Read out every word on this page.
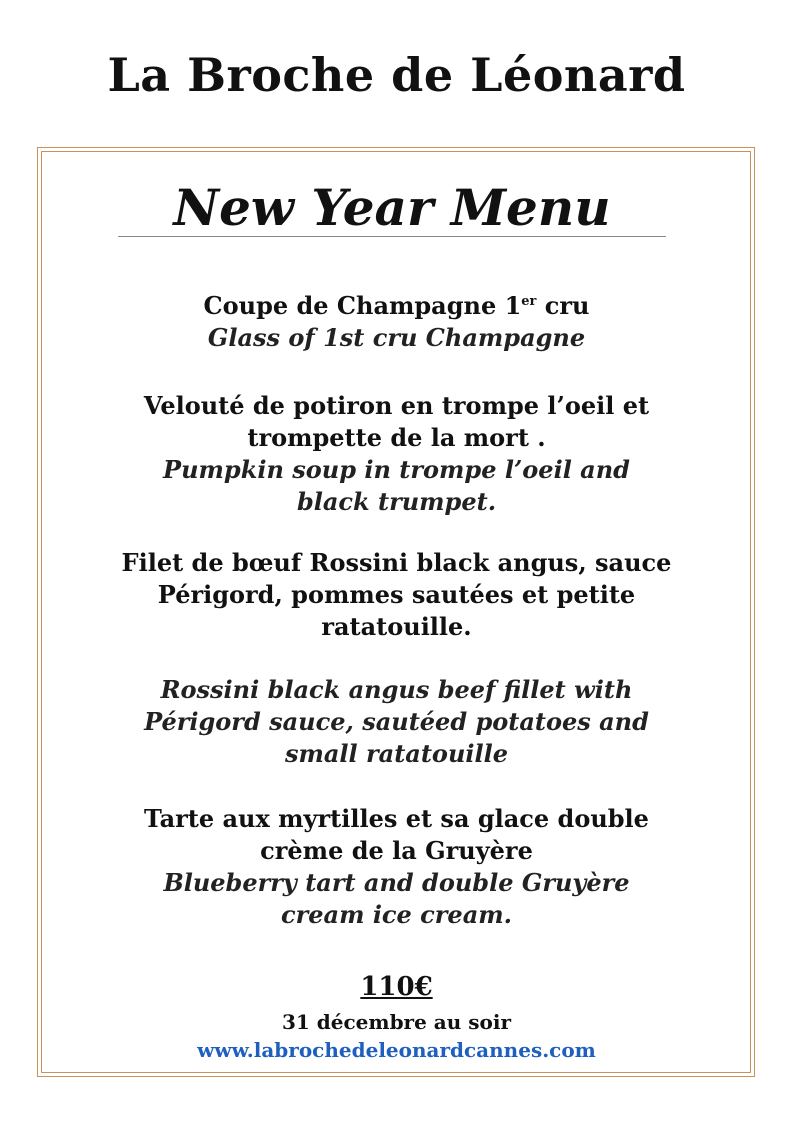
La Broche de Léonard
New Year Menu
Coupe de Champagne 1er cru
Glass of 1st cru Champagne
Velouté de potiron en trompe l’oeil et
trompette de la mort .
Pumpkin soup in trompe l’oeil and
black trumpet.
Filet de bœuf Rossini black angus, sauce
Périgord, pommes sautées et petite
ratatouille.
Rossini black angus beef fillet with
Périgord sauce, sautéed potatoes and
small ratatouille
Tarte aux myrtilles et sa glace double
crème de la Gruyère
Blueberry tart and double Gruyère
cream ice cream.
110€
31 décembre au soir
www.labrochedeleonardcannes.com
